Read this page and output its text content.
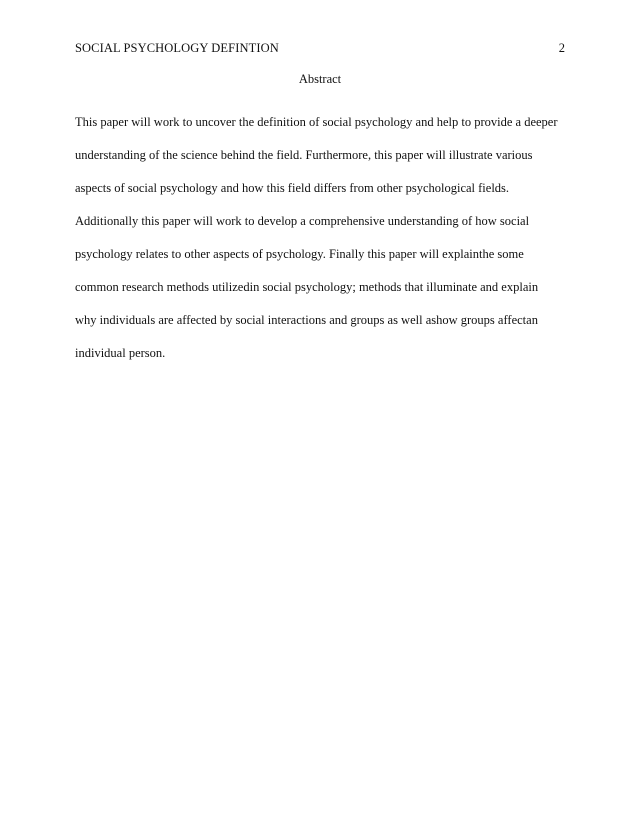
SOCIAL PSYCHOLOGY DEFINTION	2
Abstract
This paper will work to uncover the definition of social psychology and help to provide a deeper
understanding of the science behind the field. Furthermore, this paper will illustrate various
aspects of social psychology and how this field differs from other psychological fields.
Additionally this paper will work to develop a comprehensive understanding of how social
psychology relates to other aspects of psychology. Finally this paper will explainthe some
common research methods utilizedin social psychology; methods that illuminate and explain
why individuals are affected by social interactions and groups as well ashow groups affectan
individual person.
